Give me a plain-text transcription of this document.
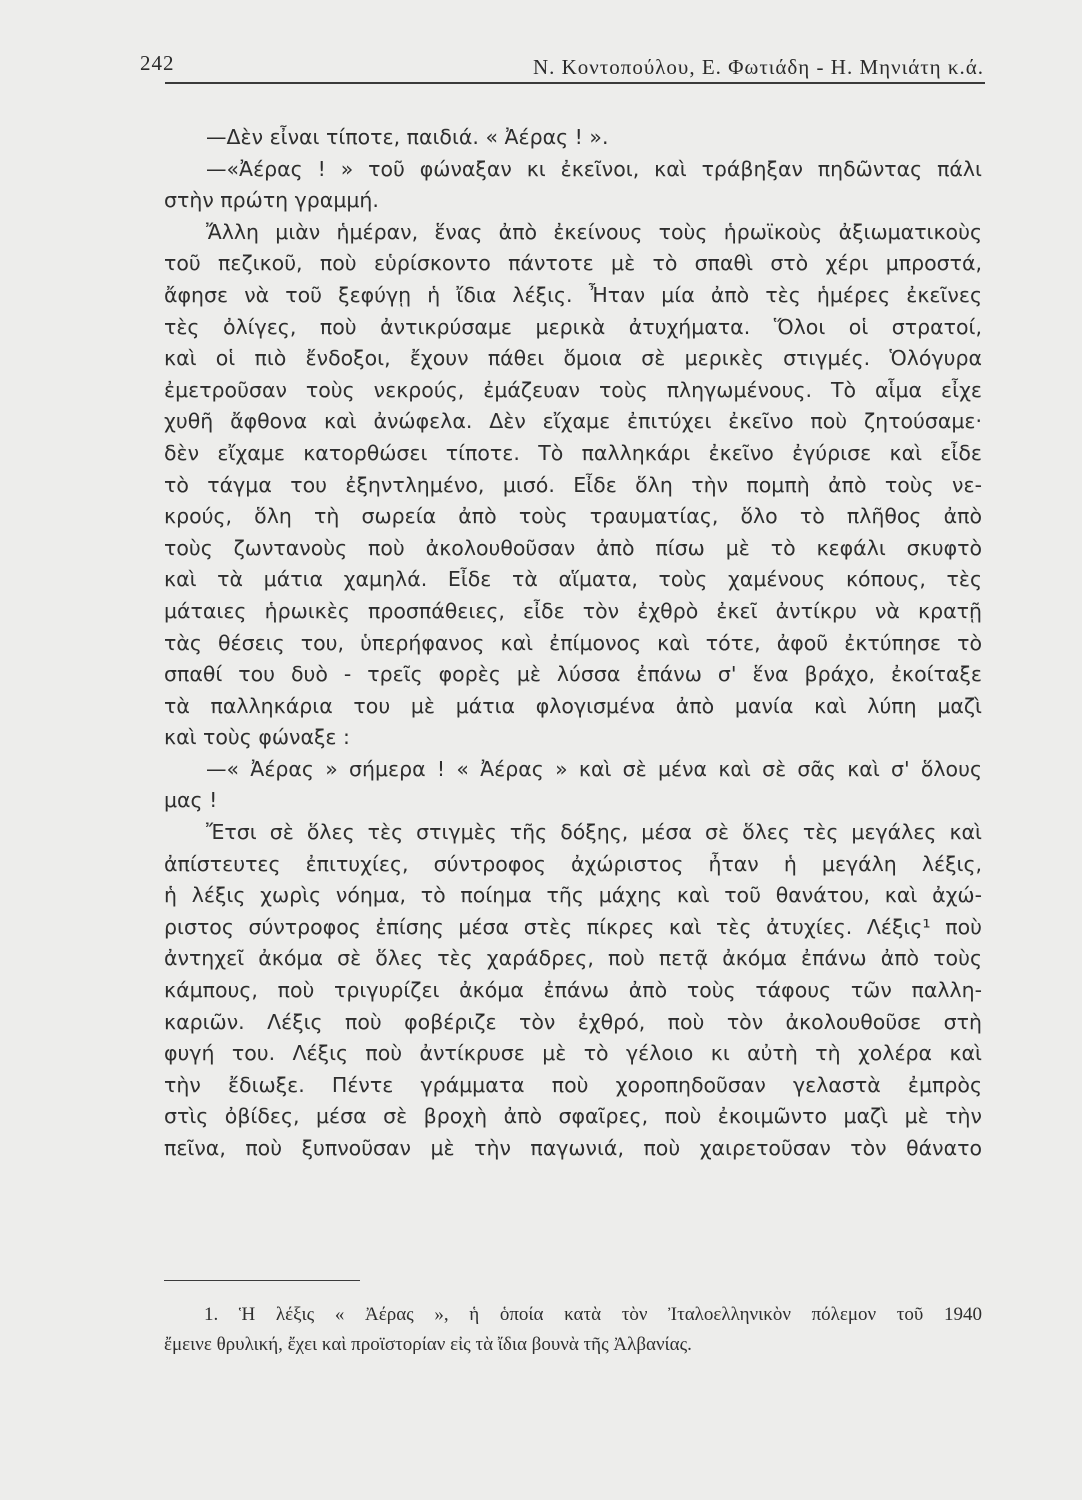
242	Ν. Κοντοπούλου, Ε. Φωτιάδη - Η. Μηνιάτη κ.ά.
—Δὲν εἶναι τίποτε, παιδιά. « Ἀέρας ! ».
—«Ἀέρας ! » τοῦ φώναξαν κι ἐκεῖνοι, καὶ τράβηξαν πηδῶντας πάλι
στὴν πρώτη γραμμή.
Ἄλλη μιὰν ἡμέραν, ἕνας ἀπὸ ἐκείνους τοὺς ἡρωϊκοὺς ἀξιωματικοὺς
τοῦ πεζικοῦ, ποὺ εὑρίσκοντο πάντοτε μὲ τὸ σπαθὶ στὸ χέρι μπροστά,
ἄφησε νὰ τοῦ ξεφύγῃ ἡ ἴδια λέξις. Ἦταν μία ἀπὸ τὲς ἡμέρες ἐκεῖνες
τὲς ὀλίγες, ποὺ ἀντικρύσαμε μερικὰ ἀτυχήματα. Ὅλοι οἱ στρατοί,
καὶ οἱ πιὸ ἔνδοξοι, ἔχουν πάθει ὅμοια σὲ μερικὲς στιγμές. Ὁλόγυρα
ἐμετροῦσαν τοὺς νεκρούς, ἐμάζευαν τοὺς πληγωμένους. Τὸ αἷμα εἶχε
χυθῆ ἄφθονα καὶ ἀνώφελα. Δὲν εἴχαμε ἐπιτύχει ἐκεῖνο ποὺ ζητούσαμε·
δὲν εἴχαμε κατορθώσει τίποτε. Τὸ παλληκάρι ἐκεῖνο ἐγύρισε καὶ εἶδε
τὸ τάγμα του ἐξηντλημένο, μισό. Εἶδε ὅλη τὴν πομπὴ ἀπὸ τοὺς νε-
κρούς, ὅλη τὴ σωρεία ἀπὸ τοὺς τραυματίας, ὅλο τὸ πλῆθος ἀπὸ
τοὺς ζωντανοὺς ποὺ ἀκολουθοῦσαν ἀπὸ πίσω μὲ τὸ κεφάλι σκυφτὸ
καὶ τὰ μάτια χαμηλά. Εἶδε τὰ αἵματα, τοὺς χαμένους κόπους, τὲς
μάταιες ἡρωικὲς προσπάθειες, εἶδε τὸν ἐχθρὸ ἐκεῖ ἀντίκρυ νὰ κρατῇ
τὰς θέσεις του, ὑπερήφανος καὶ ἐπίμονος καὶ τότε, ἀφοῦ ἐκτύπησε τὸ
σπαθί του δυὸ - τρεῖς φορὲς μὲ λύσσα ἐπάνω σ' ἕνα βράχο, ἐκοίταξε
τὰ παλληκάρια του μὲ μάτια φλογισμένα ἀπὸ μανία καὶ λύπη μαζὶ
καὶ τοὺς φώναξε :
—« Ἀέρας » σήμερα ! « Ἀέρας » καὶ σὲ μένα καὶ σὲ σᾶς καὶ σ' ὅλους
μας !
Ἔτσι σὲ ὅλες τὲς στιγμὲς τῆς δόξης, μέσα σὲ ὅλες τὲς μεγάλες καὶ
ἀπίστευτες ἐπιτυχίες, σύντροφος ἀχώριστος ἦταν ἡ μεγάλη λέξις,
ἡ λέξις χωρὶς νόημα, τὸ ποίημα τῆς μάχης καὶ τοῦ θανάτου, καὶ ἀχώ-
ριστος σύντροφος ἐπίσης μέσα στὲς πίκρες καὶ τὲς ἀτυχίες. Λέξις¹ ποὺ
ἀντηχεῖ ἀκόμα σὲ ὅλες τὲς χαράδρες, ποὺ πετᾷ ἀκόμα ἐπάνω ἀπὸ τοὺς
κάμπους, ποὺ τριγυρίζει ἀκόμα ἐπάνω ἀπὸ τοὺς τάφους τῶν παλλη-
καριῶν. Λέξις ποὺ φοβέριζε τὸν ἐχθρό, ποὺ τὸν ἀκολουθοῦσε στὴ
φυγή του. Λέξις ποὺ ἀντίκρυσε μὲ τὸ γέλοιο κι αὐτὴ τὴ χολέρα καὶ
τὴν ἔδιωξε. Πέντε γράμματα ποὺ χοροπηδοῦσαν γελαστὰ ἐμπρὸς
στὶς ὀβίδες, μέσα σὲ βροχὴ ἀπὸ σφαῖρες, ποὺ ἐκοιμῶντο μαζὶ μὲ τὴν
πεῖνα, ποὺ ξυπνοῦσαν μὲ τὴν παγωνιά, ποὺ χαιρετοῦσαν τὸν θάνατο
1. Ἡ λέξις « Ἀέρας », ἡ ὁποία κατὰ τὸν Ἰταλοελληνικὸν πόλεμον τοῦ 1940
ἔμεινε θρυλική, ἔχει καὶ προϊστορίαν εἰς τὰ ἴδια βουνὰ τῆς Ἀλβανίας.
